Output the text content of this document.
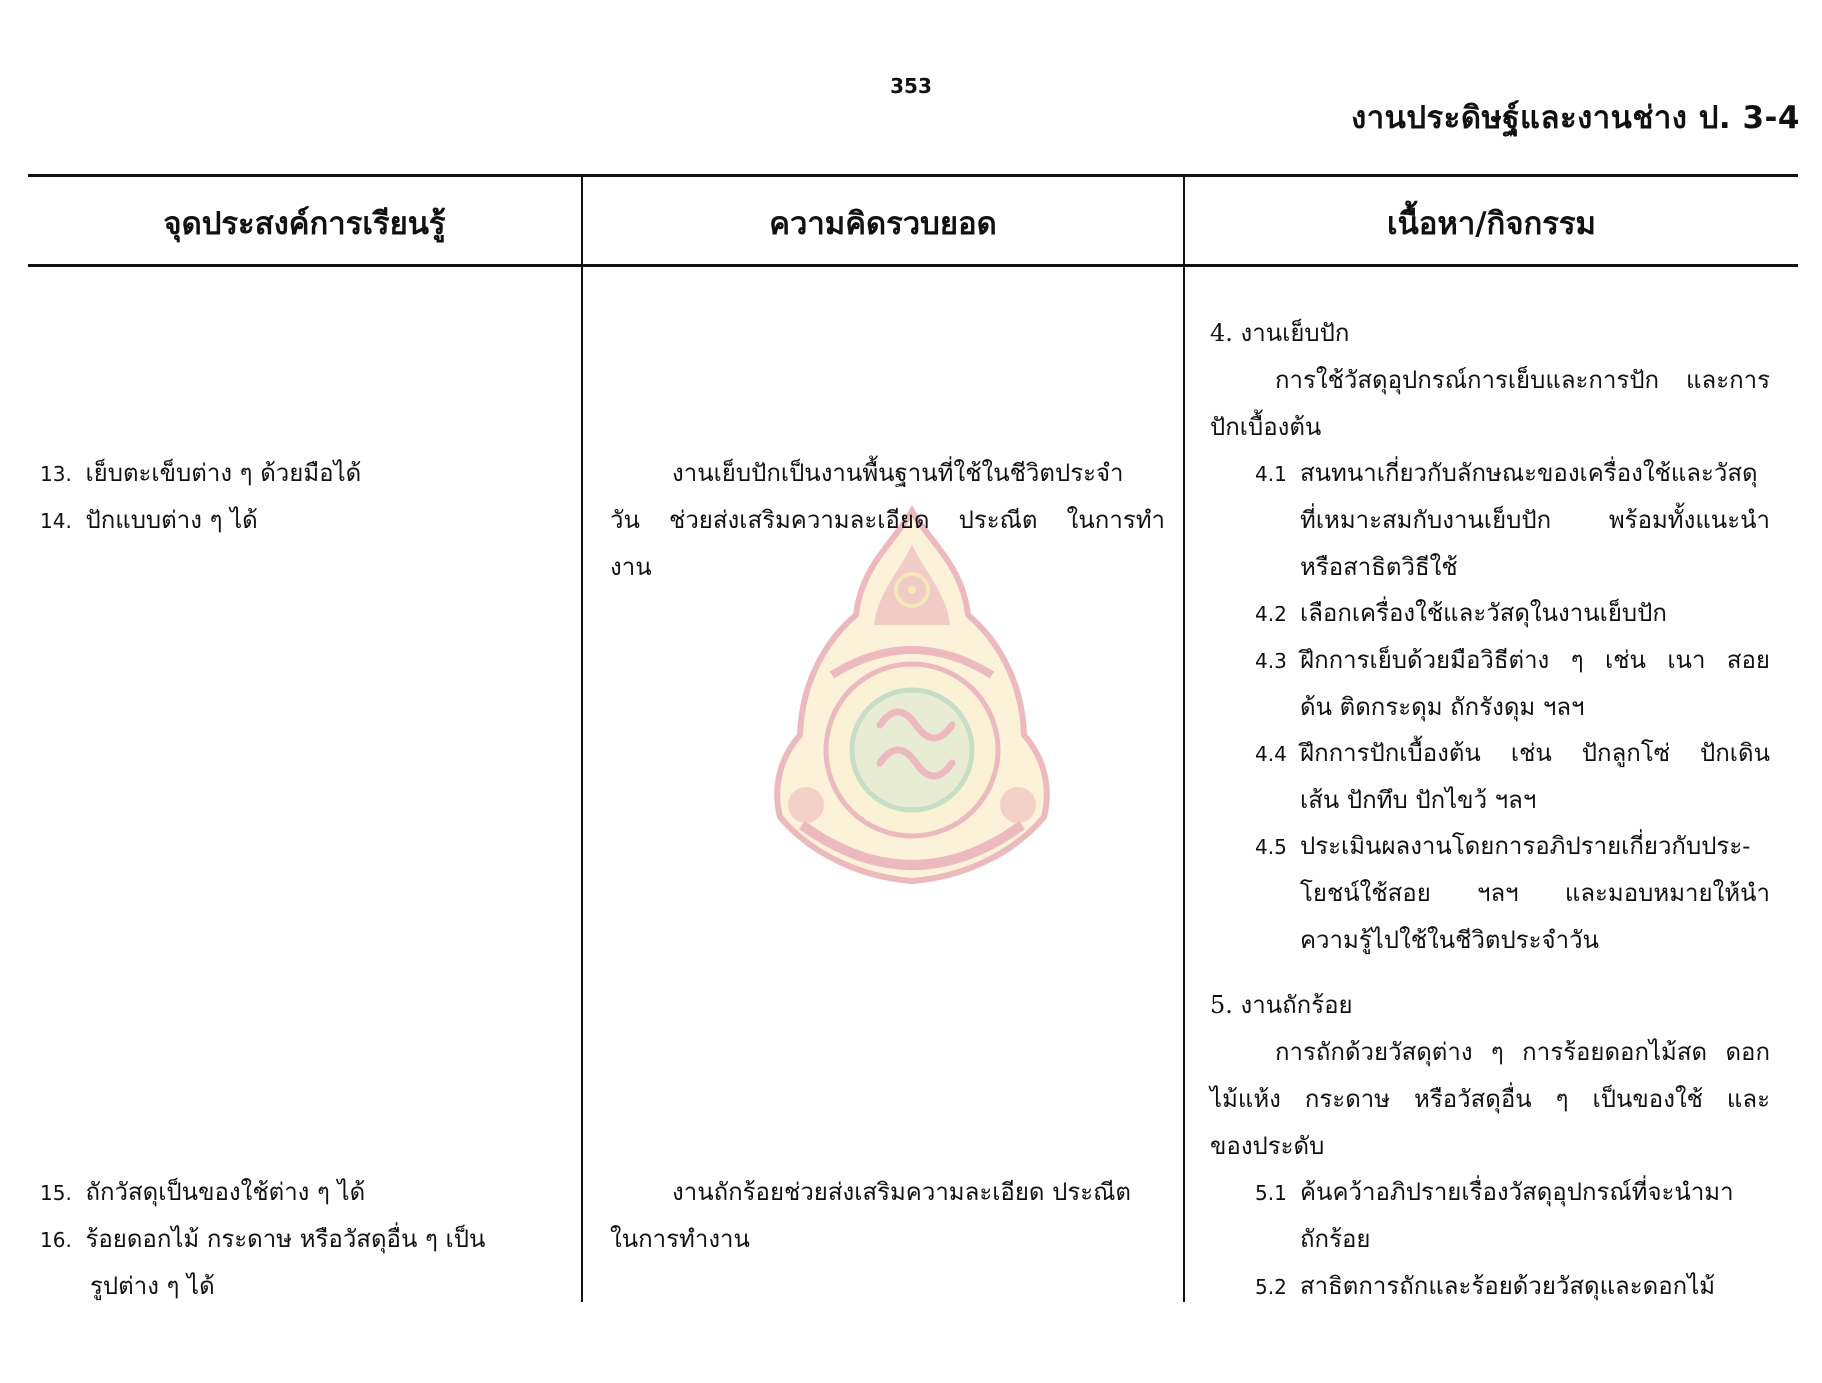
353
งานประดิษฐ์และงานช่าง ป. 3-4
จุดประสงค์การเรียนรู้	ความคิดรวบยอด	เนื้อหา/กิจกรรม
13. เย็บตะเข็บต่าง ๆ ด้วยมือได้
14. ปักแบบต่าง ๆ ได้
15. ถักวัสดุเป็นของใช้ต่าง ๆ ได้
16. ร้อยดอกไม้ กระดาษ หรือวัสดุอื่น ๆ เป็น
รูปต่าง ๆ ได้
งานเย็บปักเป็นงานพื้นฐานที่ใช้ในชีวิตประจำ
วัน ช่วยส่งเสริมความละเอียด ประณีต ในการทำ
งาน
งานถักร้อยช่วยส่งเสริมความละเอียด ประณีต
ในการทำงาน
4. งานเย็บปัก
การใช้วัสดุอุปกรณ์การเย็บและการปัก และการ
ปักเบื้องต้น
4.1 สนทนาเกี่ยวกับลักษณะของเครื่องใช้และวัสดุ
ที่เหมาะสมกับงานเย็บปัก พร้อมทั้งแนะนำ
หรือสาธิตวิธีใช้
4.2 เลือกเครื่องใช้และวัสดุในงานเย็บปัก
4.3 ฝึกการเย็บด้วยมือวิธีต่าง ๆ เช่น เนา สอย
ด้น ติดกระดุม ถักรังดุม ฯลฯ
4.4 ฝึกการปักเบื้องต้น เช่น ปักลูกโซ่ ปักเดิน
เส้น ปักทึบ ปักไขว้ ฯลฯ
4.5 ประเมินผลงานโดยการอภิปรายเกี่ยวกับประ-
โยชน์ใช้สอย ฯลฯ และมอบหมายให้นำ
ความรู้ไปใช้ในชีวิตประจำวัน
5. งานถักร้อย
การถักด้วยวัสดุต่าง ๆ การร้อยดอกไม้สด ดอก
ไม้แห้ง กระดาษ หรือวัสดุอื่น ๆ เป็นของใช้ และ
ของประดับ
5.1 ค้นคว้าอภิปรายเรื่องวัสดุอุปกรณ์ที่จะนำมา
ถักร้อย
5.2 สาธิตการถักและร้อยด้วยวัสดุและดอกไม้
